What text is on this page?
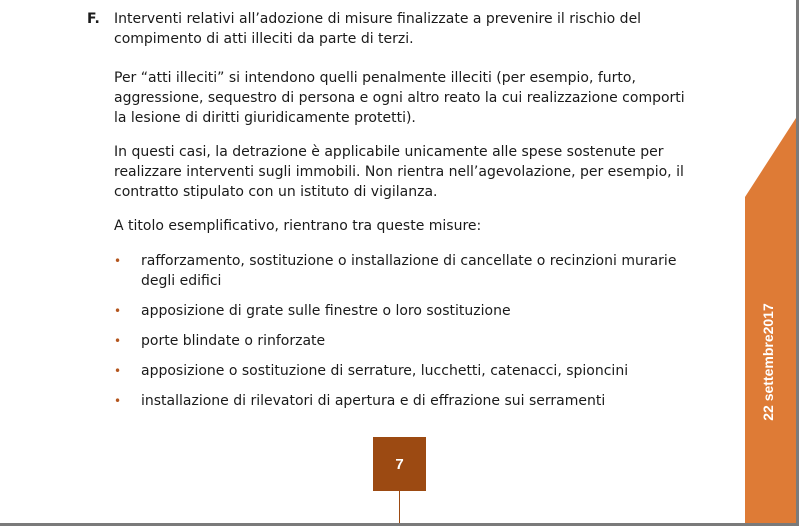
F.	Interventi relativi all’adozione di misure finalizzate a prevenire il rischio del
compimento di atti illeciti da parte di terzi.

Per “atti illeciti” si intendono quelli penalmente illeciti (per esempio, furto,
aggressione, sequestro di persona e ogni altro reato la cui realizzazione comporti
la lesione di diritti giuridicamente protetti).

In questi casi, la detrazione è applicabile unicamente alle spese sostenute per
realizzare interventi sugli immobili. Non rientra nell’agevolazione, per esempio, il
contratto stipulato con un istituto di vigilanza.

A titolo esemplificativo, rientrano tra queste misure:

• rafforzamento, sostituzione o installazione di cancellate o recinzioni murarie
degli edifici
• apposizione di grate sulle finestre o loro sostituzione
• porte blindate o rinforzate
• apposizione o sostituzione di serrature, lucchetti, catenacci, spioncini
• installazione di rilevatori di apertura e di effrazione sui serramenti
7
22 settembre2017
